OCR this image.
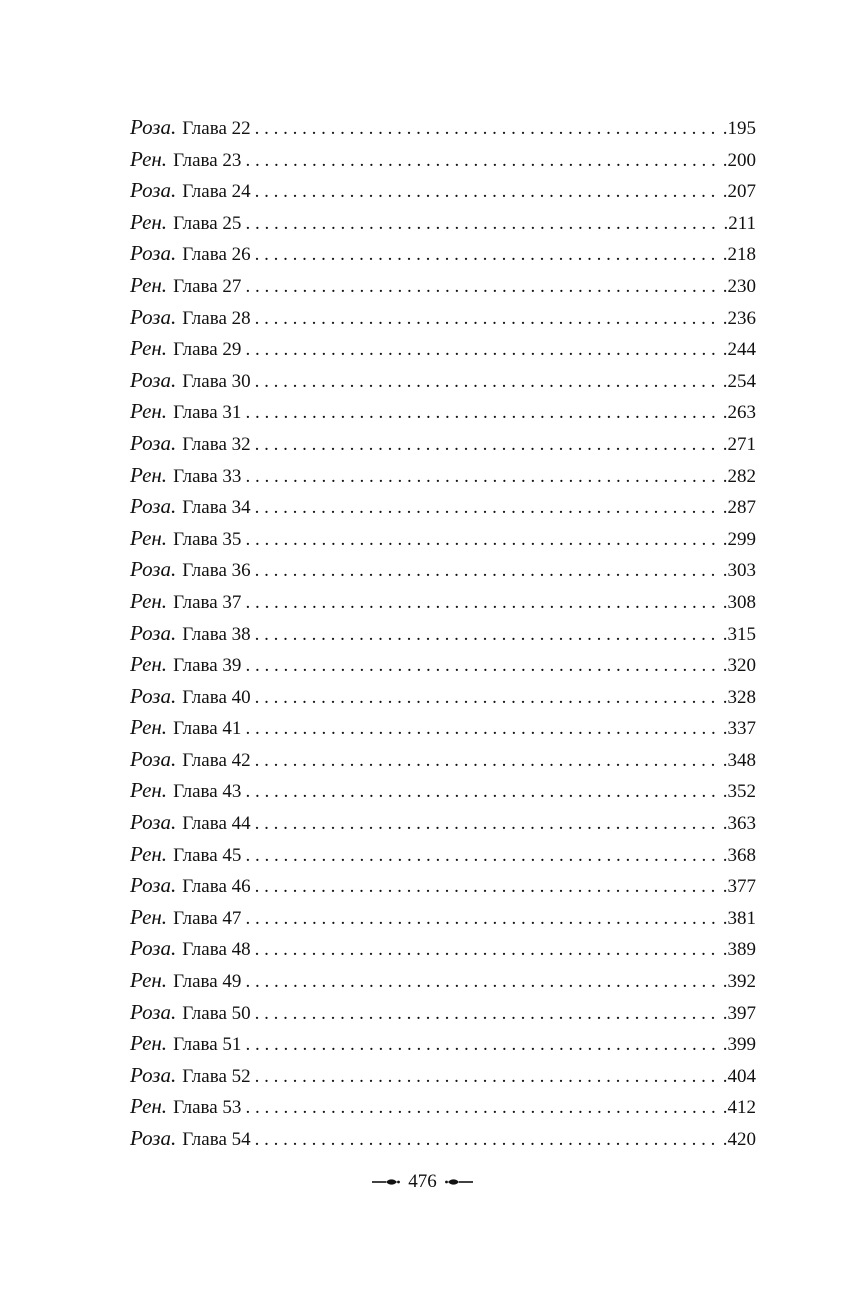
Роза. Глава 22 . . .	.195
Рен. Глава 23 . . .	.200
Роза. Глава 24 . . .	.207
Рен. Глава 25 . . .	.211
Роза. Глава 26 . . .	.218
Рен. Глава 27 . . .	.230
Роза. Глава 28 . . .	.236
Рен. Глава 29 . . .	.244
Роза. Глава 30 . . .	.254
Рен. Глава 31 . . .	.263
Роза. Глава 32 . . .	.271
Рен. Глава 33 . . .	.282
Роза. Глава 34 . . .	.287
Рен. Глава 35 . . .	.299
Роза. Глава 36 . . .	.303
Рен. Глава 37 . . .	.308
Роза. Глава 38 . . .	.315
Рен. Глава 39 . . .	.320
Роза. Глава 40 . . .	.328
Рен. Глава 41 . . .	.337
Роза. Глава 42 . . .	.348
Рен. Глава 43 . . .	.352
Роза. Глава 44 . . .	.363
Рен. Глава 45 . . .	.368
Роза. Глава 46 . . .	.377
Рен. Глава 47 . . .	.381
Роза. Глава 48 . . .	.389
Рен. Глава 49 . . .	.392
Роза. Глава 50 . . .	.397
Рен. Глава 51 . . .	.399
Роза. Глава 52 . . .	.404
Рен. Глава 53 . . .	.412
Роза. Глава 54 . . .	.420
476
